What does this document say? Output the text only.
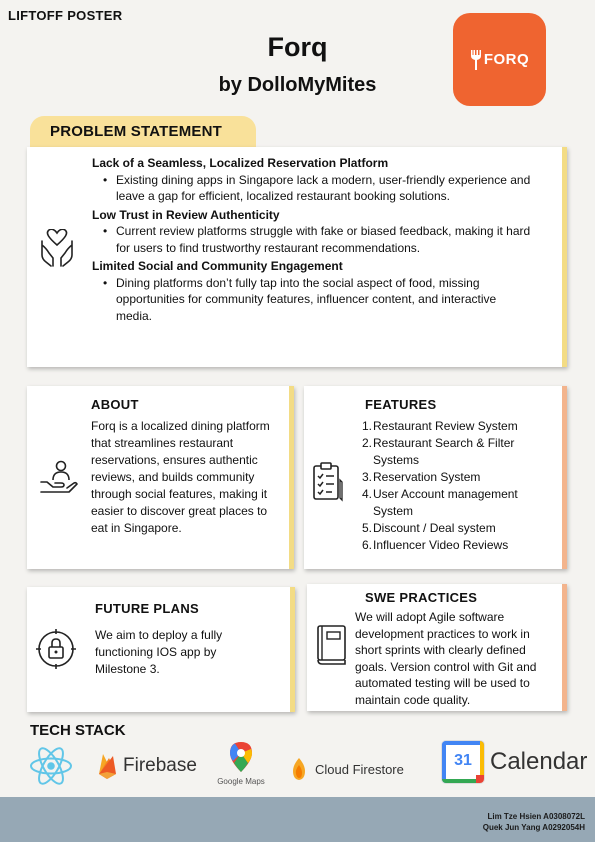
LIFTOFF POSTER
Forq
by DolloMyMites
FORQ
PROBLEM STATEMENT
Lack of a Seamless, Localized Reservation Platform
• Existing dining apps in Singapore lack a modern, user-friendly experience and leave a gap for efficient, localized restaurant booking solutions.
Low Trust in Review Authenticity
• Current review platforms struggle with fake or biased feedback, making it hard for users to find trustworthy restaurant recommendations.
Limited Social and Community Engagement
• Dining platforms don’t fully tap into the social aspect of food, missing opportunities for community features, influencer content, and interactive media.
ABOUT
Forq is a localized dining platform that streamlines restaurant reservations, ensures authentic reviews, and builds community through social features, making it easier to discover great places to eat in Singapore.
FEATURES
1. Restaurant Review System
2. Restaurant Search & Filter Systems
3. Reservation System
4. User Account management System
5. Discount / Deal system
6. Influencer Video Reviews
FUTURE PLANS
We aim to deploy a fully functioning IOS app by Milestone 3.
SWE PRACTICES
We will adopt Agile software development practices to work in short sprints with clearly defined goals. Version control with Git and automated testing will be used to maintain code quality.
TECH STACK
Firebase
Google Maps
Cloud Firestore	31 Calendar
Lim Tze Hsien A0308072L
Quek Jun Yang A0292054H
